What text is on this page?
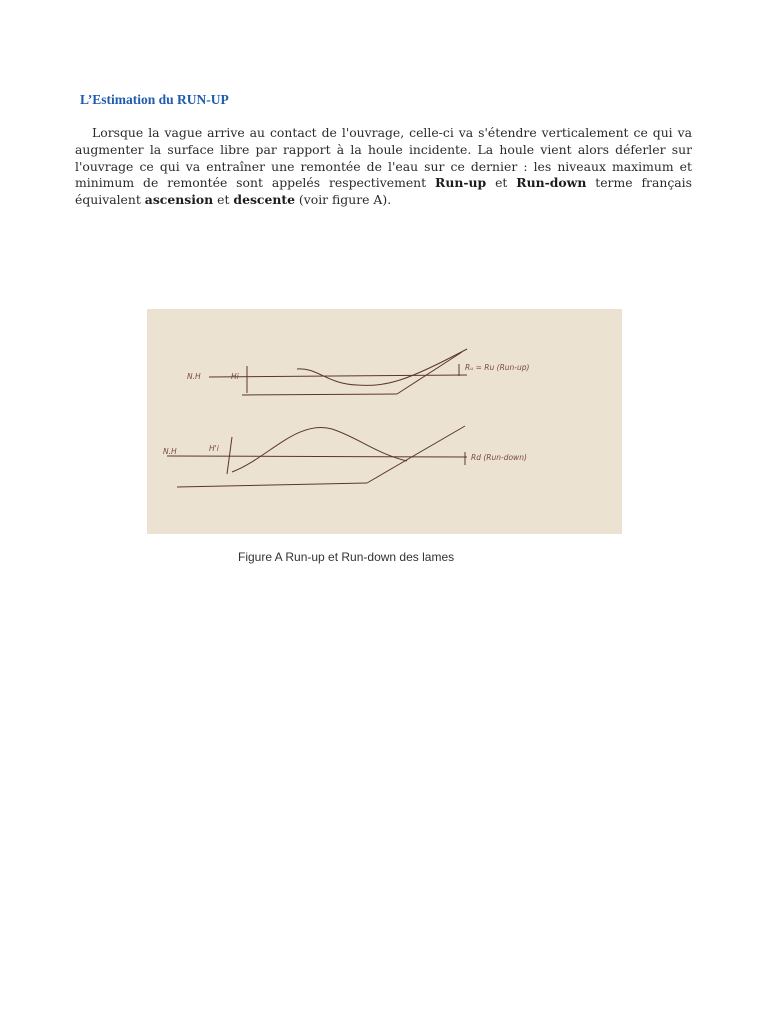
L’Estimation du RUN-UP
Lorsque la vague arrive au contact de l'ouvrage, celle-ci va s'étendre verticalement ce qui va augmenter la surface libre par rapport à la houle incidente. La houle vient alors déferler sur l'ouvrage ce qui va entraîner une remontée de l'eau sur ce dernier : les niveaux maximum et minimum de remontée sont appelés respectivement Run-up et Run-down terme français équivalent ascension et descente (voir figure A).
N.H	Hi
Rᵤ = Ru (Run-up)
N.H	H'i
Rd (Run-down)
Figure A Run-up et Run-down des lames
